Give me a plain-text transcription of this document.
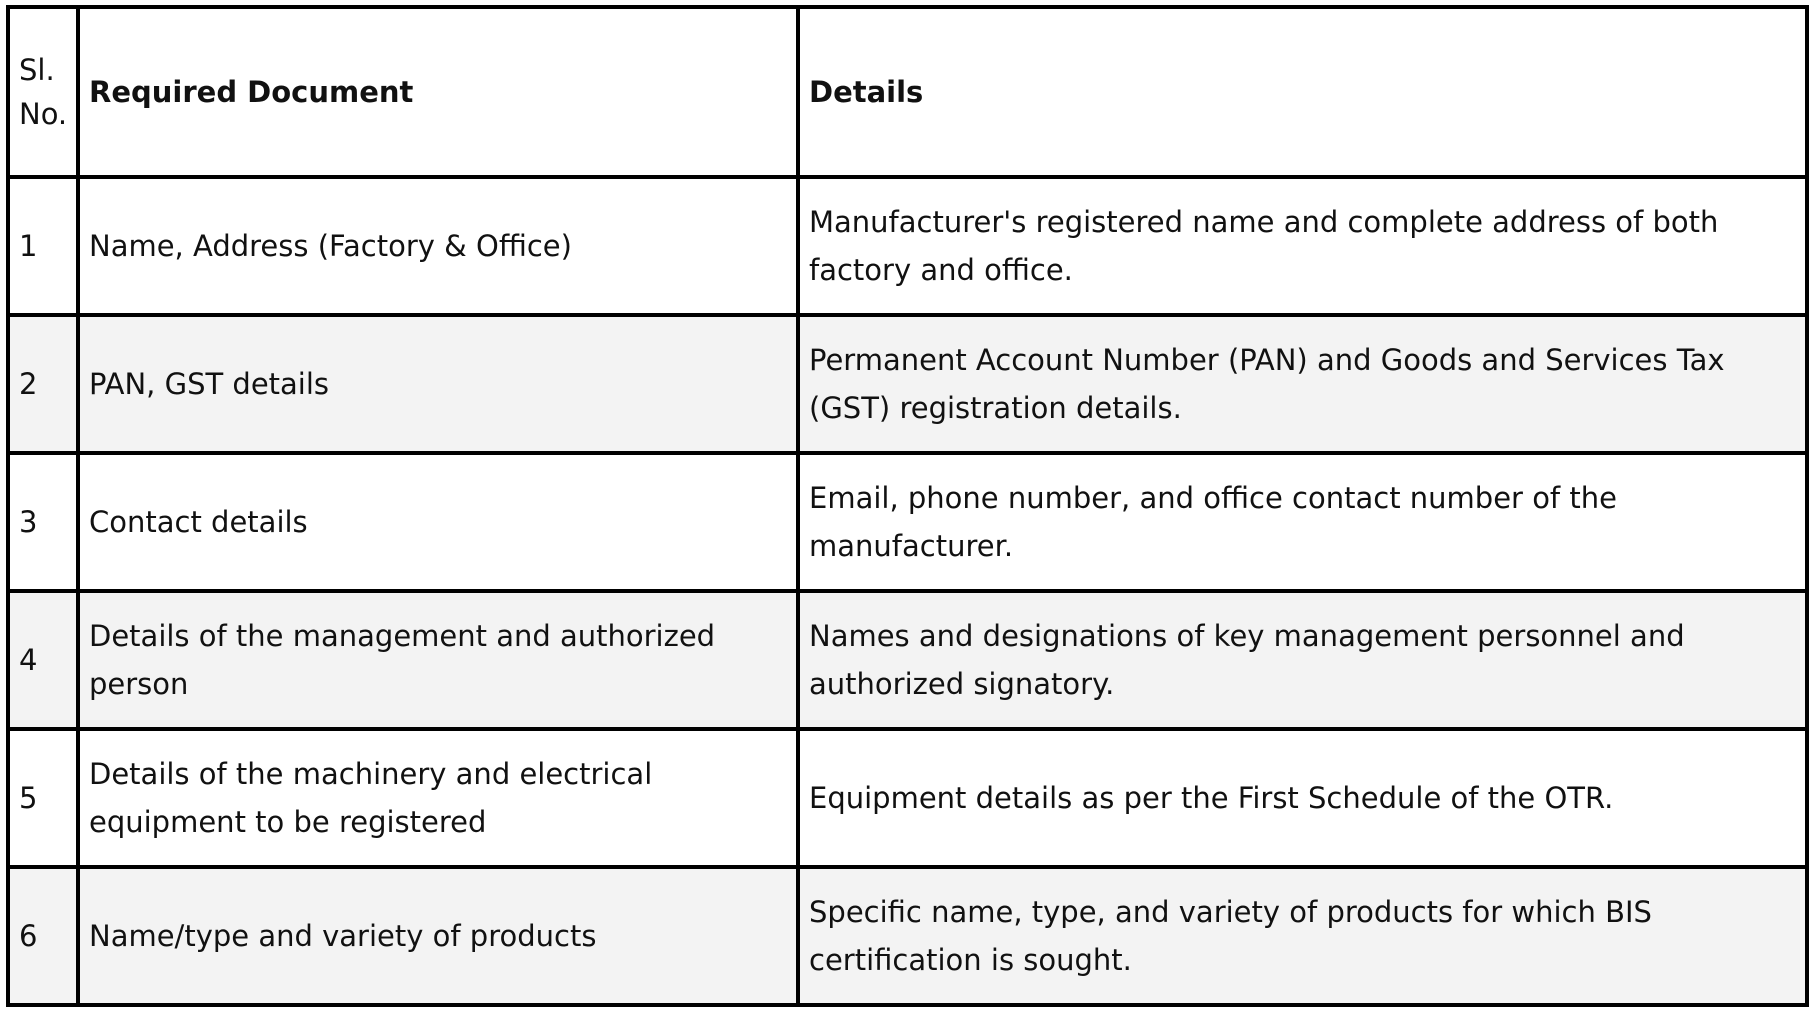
Sl. No.	Required Document	Details
1	Name, Address (Factory & Office)	Manufacturer's registered name and complete address of both factory and office.
2	PAN, GST details	Permanent Account Number (PAN) and Goods and Services Tax (GST) registration details.
3	Contact details	Email, phone number, and office contact number of the manufacturer.
4	Details of the management and authorized person	Names and designations of key management personnel and authorized signatory.
5	Details of the machinery and electrical equipment to be registered	Equipment details as per the First Schedule of the OTR.
6	Name/type and variety of products	Specific name, type, and variety of products for which BIS certification is sought.
